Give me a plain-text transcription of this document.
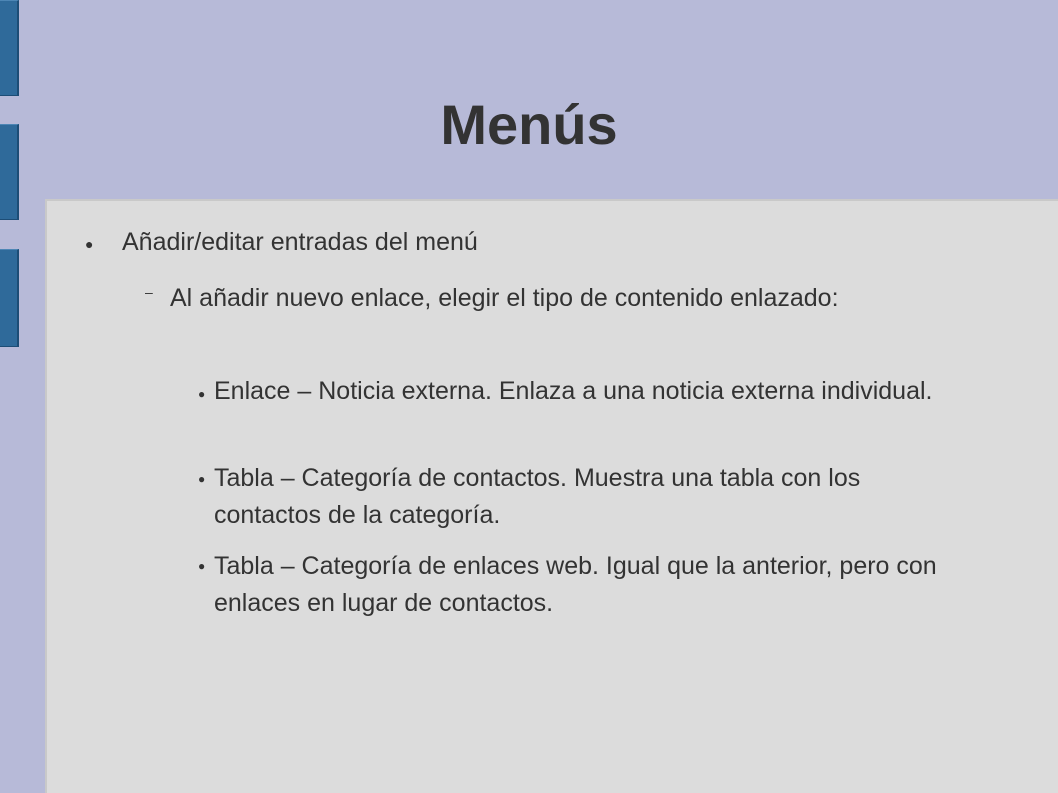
Menús
● Añadir/editar entradas del menú
– Al añadir nuevo enlace, elegir el tipo de contenido enlazado:
● Enlace – Noticia externa. Enlaza a una noticia externa individual.
● Tabla – Categoría de contactos. Muestra una tabla con los contactos de la categoría.
● Tabla – Categoría de enlaces web. Igual que la anterior, pero con enlaces en lugar de contactos.
